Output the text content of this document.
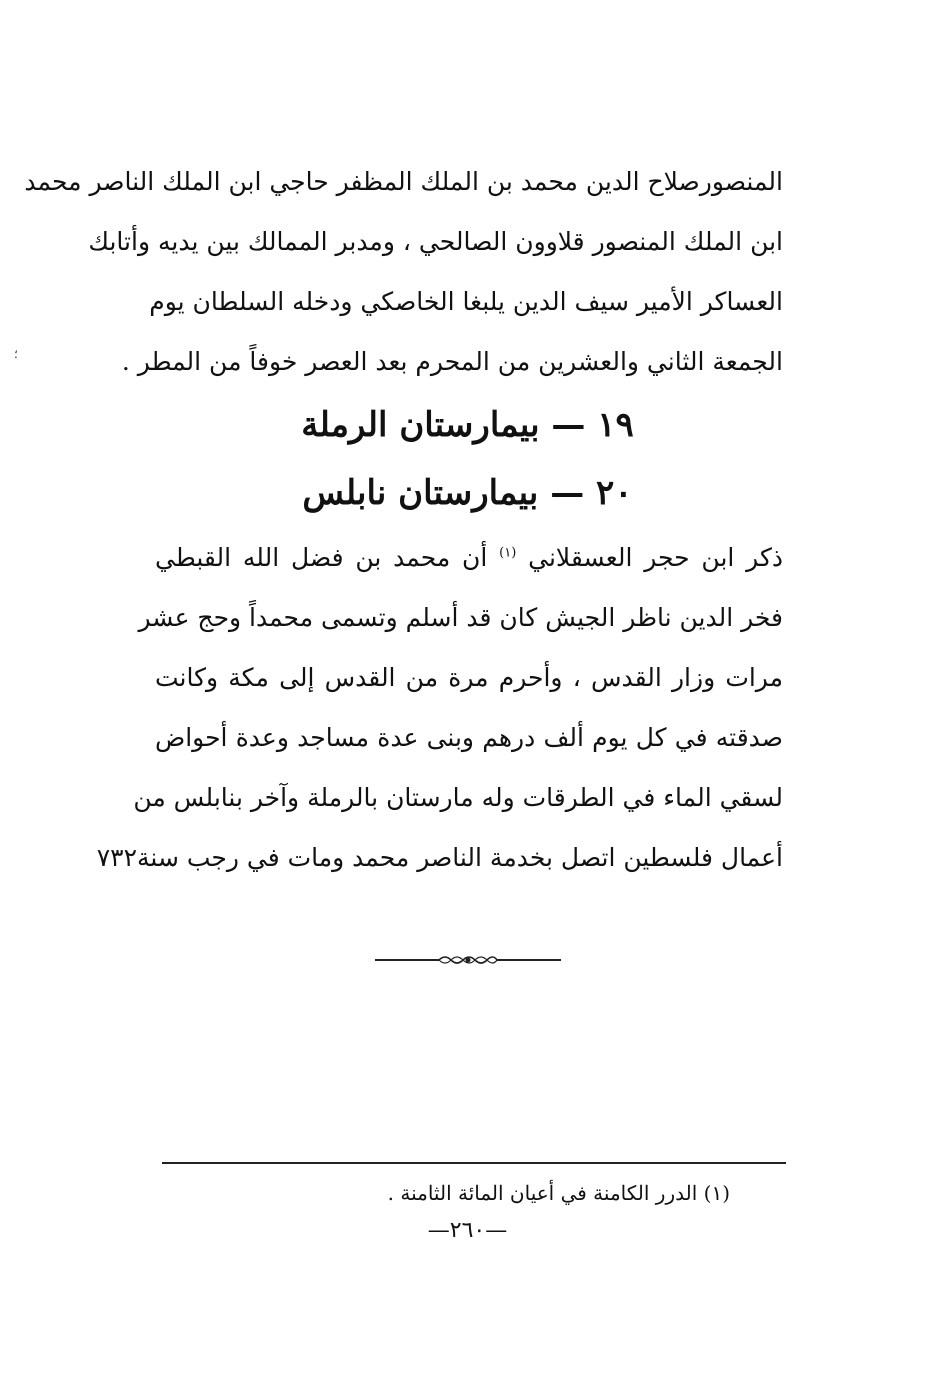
؛
المنصورصلاح الدين محمد بن الملك المظفر حاجي ابن الملك الناصر محمد
ابن الملك المنصور قلاوون الصالحي ، ومدبر الممالك بين يديه وأتابك
العساكر الأمير سيف الدين يلبغا الخاصكي ودخله السلطان يوم
الجمعة الثاني والعشرين من المحرم بعد العصر خوفاً من المطر .
١٩ — بيمارستان الرملة
٢٠ — بيمارستان نابلس
ذكر ابن حجر العسقلاني $^{(١)}$ أن محمد بن فضل الله القبطي
فخر الدين ناظر الجيش كان قد أسلم وتسمى محمداً وحج عشر
مرات وزار القدس ، وأحرم مرة من القدس إلى مكة وكانت
صدقته في كل يوم ألف درهم وبنى عدة مساجد وعدة أحواض
لسقي الماء في الطرقات وله مارستان بالرملة وآخر بنابلس من
أعمال فلسطين اتصل بخدمة الناصر محمد ومات في رجب سنة٧٣٢
(١) الدرر الكامنة في أعيان المائة الثامنة .
—٢٦٠—
